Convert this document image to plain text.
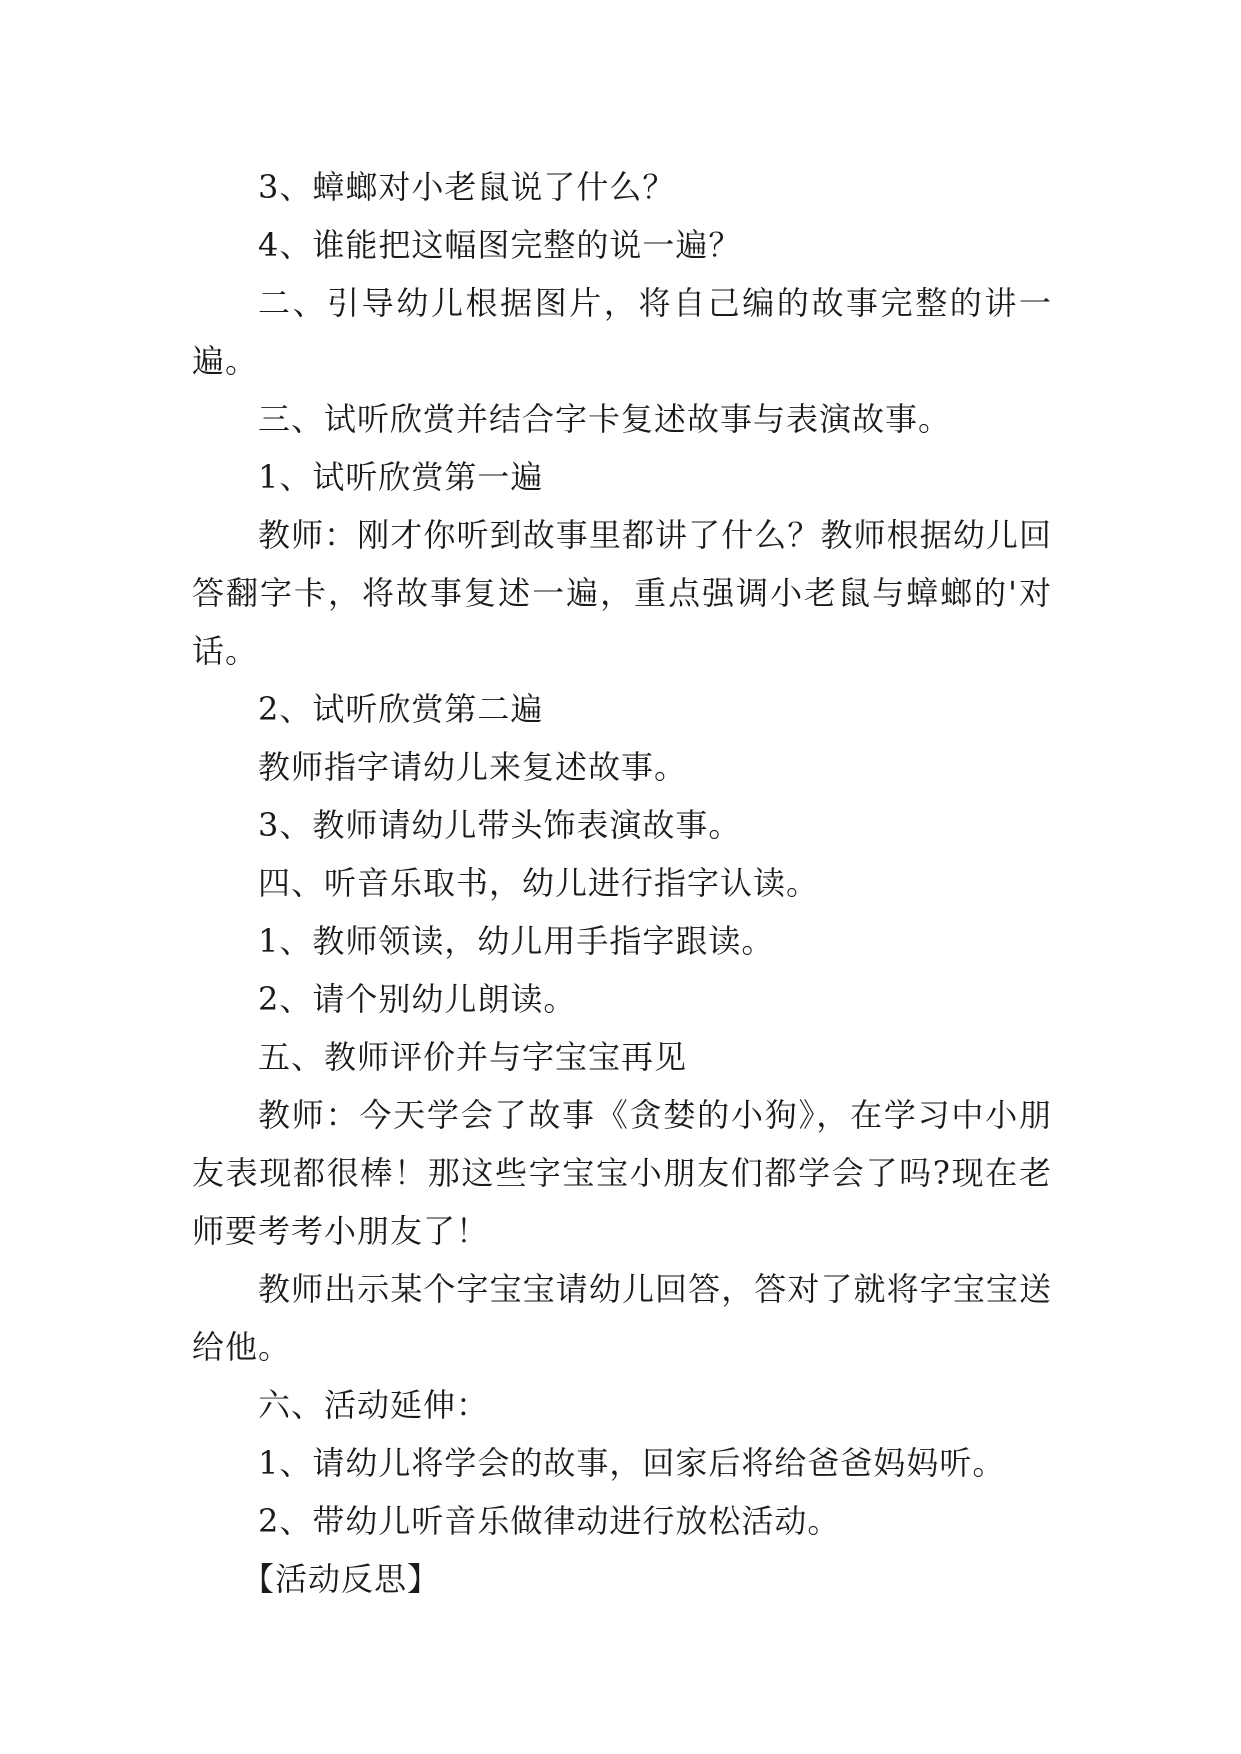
3、蟑螂对小老鼠说了什么？

4、谁能把这幅图完整的说一遍？

二、引导幼儿根据图片，将自己编的故事完整的讲一遍。

三、试听欣赏并结合字卡复述故事与表演故事。

1、试听欣赏第一遍

教师：刚才你听到故事里都讲了什么？教师根据幼儿回答翻字卡，将故事复述一遍，重点强调小老鼠与蟑螂的'对话。

2、试听欣赏第二遍

教师指字请幼儿来复述故事。

3、教师请幼儿带头饰表演故事。

四、听音乐取书，幼儿进行指字认读。

1、教师领读，幼儿用手指字跟读。

2、请个别幼儿朗读。

五、教师评价并与字宝宝再见

教师：今天学会了故事《贪婪的小狗》，在学习中小朋友表现都很棒！那这些字宝宝小朋友们都学会了吗?现在老师要考考小朋友了！

教师出示某个字宝宝请幼儿回答，答对了就将字宝宝送给他。

六、活动延伸：

1、请幼儿将学会的故事，回家后将给爸爸妈妈听。

2、带幼儿听音乐做律动进行放松活动。

【活动反思】
